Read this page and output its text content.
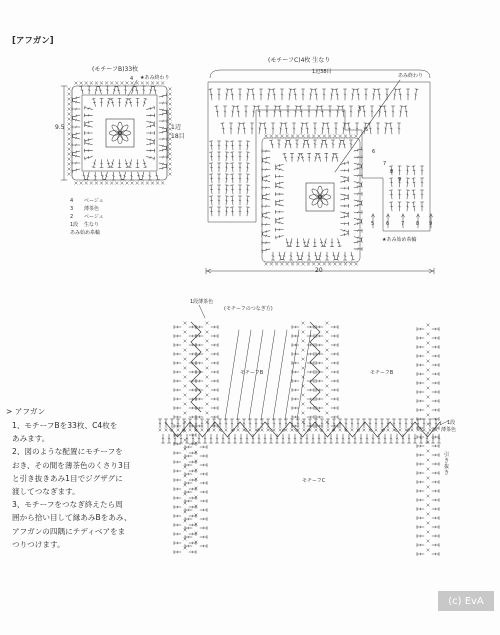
[アフガン]
(モチーフB)33枚
4 ★あみ終わり
9.5	1辺
18目
4 ベージュ
3 薄茶色
2 ベージュ
1段 生なり
あみ始め糸輪
(モチーフC)4枚 生なり
1辺38目
あみ終わり
3
5
6
7
8
9
5 6 7 8 9
★あみ始め糸輪
20
1段薄茶色
(モチーフのつなぎ方)
モチーフB	モチーフB
モチーフC
1段
薄茶色
引き抜き
> アフガン
1、モチーフBを33枚、C4枚を
あみます。
2、図のような配置にモチーフを
おき、その間を薄茶色のくさり3目
と引き抜きあみ1目でジグザグに
渡してつなぎます。
3、モチーフをつなぎ終えたら周
囲から拾い目して縁あみBをあみ、
アフガンの四隅にテディベアをま
つりつけます。
(c) EvA
